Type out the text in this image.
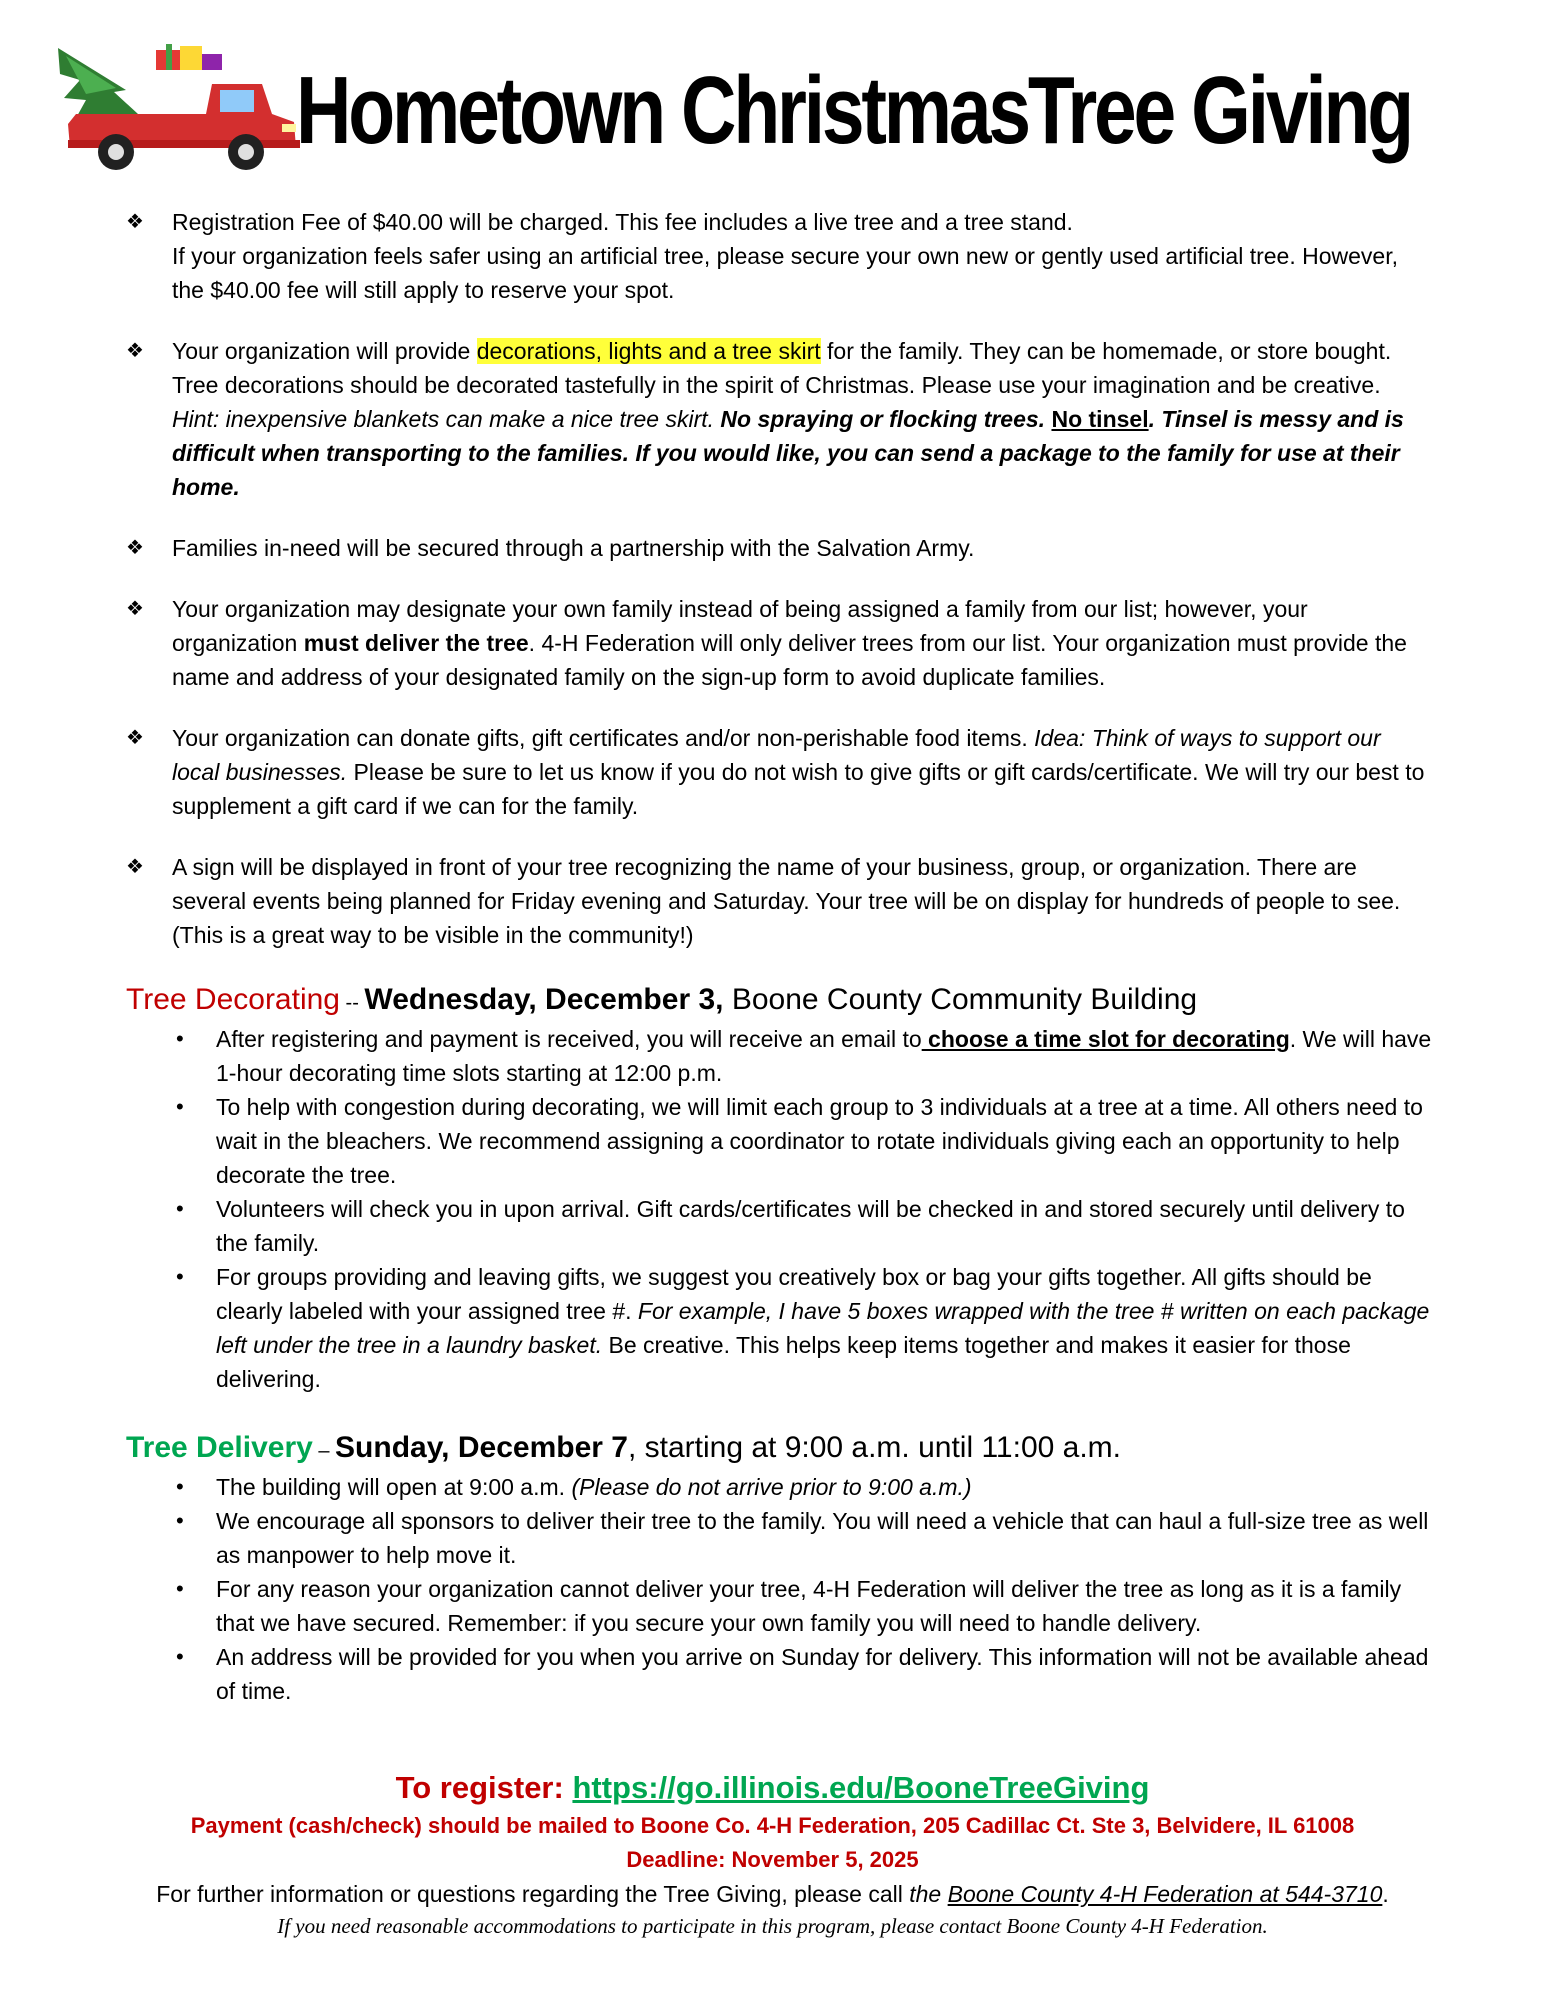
Hometown ChristmasTree Giving
❖ Registration Fee of $40.00 will be charged. This fee includes a live tree and a tree stand.
If your organization feels safer using an artificial tree, please secure your own new or gently used artificial tree. However, the $40.00 fee will still apply to reserve your spot.
❖ Your organization will provide decorations, lights and a tree skirt for the family. They can be homemade, or store bought. Tree decorations should be decorated tastefully in the spirit of Christmas. Please use your imagination and be creative. Hint: inexpensive blankets can make a nice tree skirt. No spraying or flocking trees. No tinsel. Tinsel is messy and is difficult when transporting to the families. If you would like, you can send a package to the family for use at their home.
❖ Families in-need will be secured through a partnership with the Salvation Army.
❖ Your organization may designate your own family instead of being assigned a family from our list; however, your organization must deliver the tree. 4-H Federation will only deliver trees from our list. Your organization must provide the name and address of your designated family on the sign-up form to avoid duplicate families.
❖ Your organization can donate gifts, gift certificates and/or non-perishable food items. Idea: Think of ways to support our local businesses. Please be sure to let us know if you do not wish to give gifts or gift cards/certificate. We will try our best to supplement a gift card if we can for the family.
❖ A sign will be displayed in front of your tree recognizing the name of your business, group, or organization. There are several events being planned for Friday evening and Saturday. Your tree will be on display for hundreds of people to see. (This is a great way to be visible in the community!)
Tree Decorating -- Wednesday, December 3, Boone County Community Building
• After registering and payment is received, you will receive an email to choose a time slot for decorating. We will have 1-hour decorating time slots starting at 12:00 p.m.
• To help with congestion during decorating, we will limit each group to 3 individuals at a tree at a time. All others need to wait in the bleachers. We recommend assigning a coordinator to rotate individuals giving each an opportunity to help decorate the tree.
• Volunteers will check you in upon arrival. Gift cards/certificates will be checked in and stored securely until delivery to the family.
• For groups providing and leaving gifts, we suggest you creatively box or bag your gifts together. All gifts should be clearly labeled with your assigned tree #. For example, I have 5 boxes wrapped with the tree # written on each package left under the tree in a laundry basket. Be creative. This helps keep items together and makes it easier for those delivering.
Tree Delivery – Sunday, December 7, starting at 9:00 a.m. until 11:00 a.m.
• The building will open at 9:00 a.m. (Please do not arrive prior to 9:00 a.m.)
• We encourage all sponsors to deliver their tree to the family. You will need a vehicle that can haul a full-size tree as well as manpower to help move it.
• For any reason your organization cannot deliver your tree, 4-H Federation will deliver the tree as long as it is a family that we have secured. Remember: if you secure your own family you will need to handle delivery.
• An address will be provided for you when you arrive on Sunday for delivery. This information will not be available ahead of time.

To register: https://go.illinois.edu/BooneTreeGiving

Payment (cash/check) should be mailed to Boone Co. 4-H Federation, 205 Cadillac Ct. Ste 3, Belvidere, IL 61008

Deadline: November 5, 2025

For further information or questions regarding the Tree Giving, please call the Boone County 4-H Federation at 544-3710.

If you need reasonable accommodations to participate in this program, please contact Boone County 4-H Federation.
